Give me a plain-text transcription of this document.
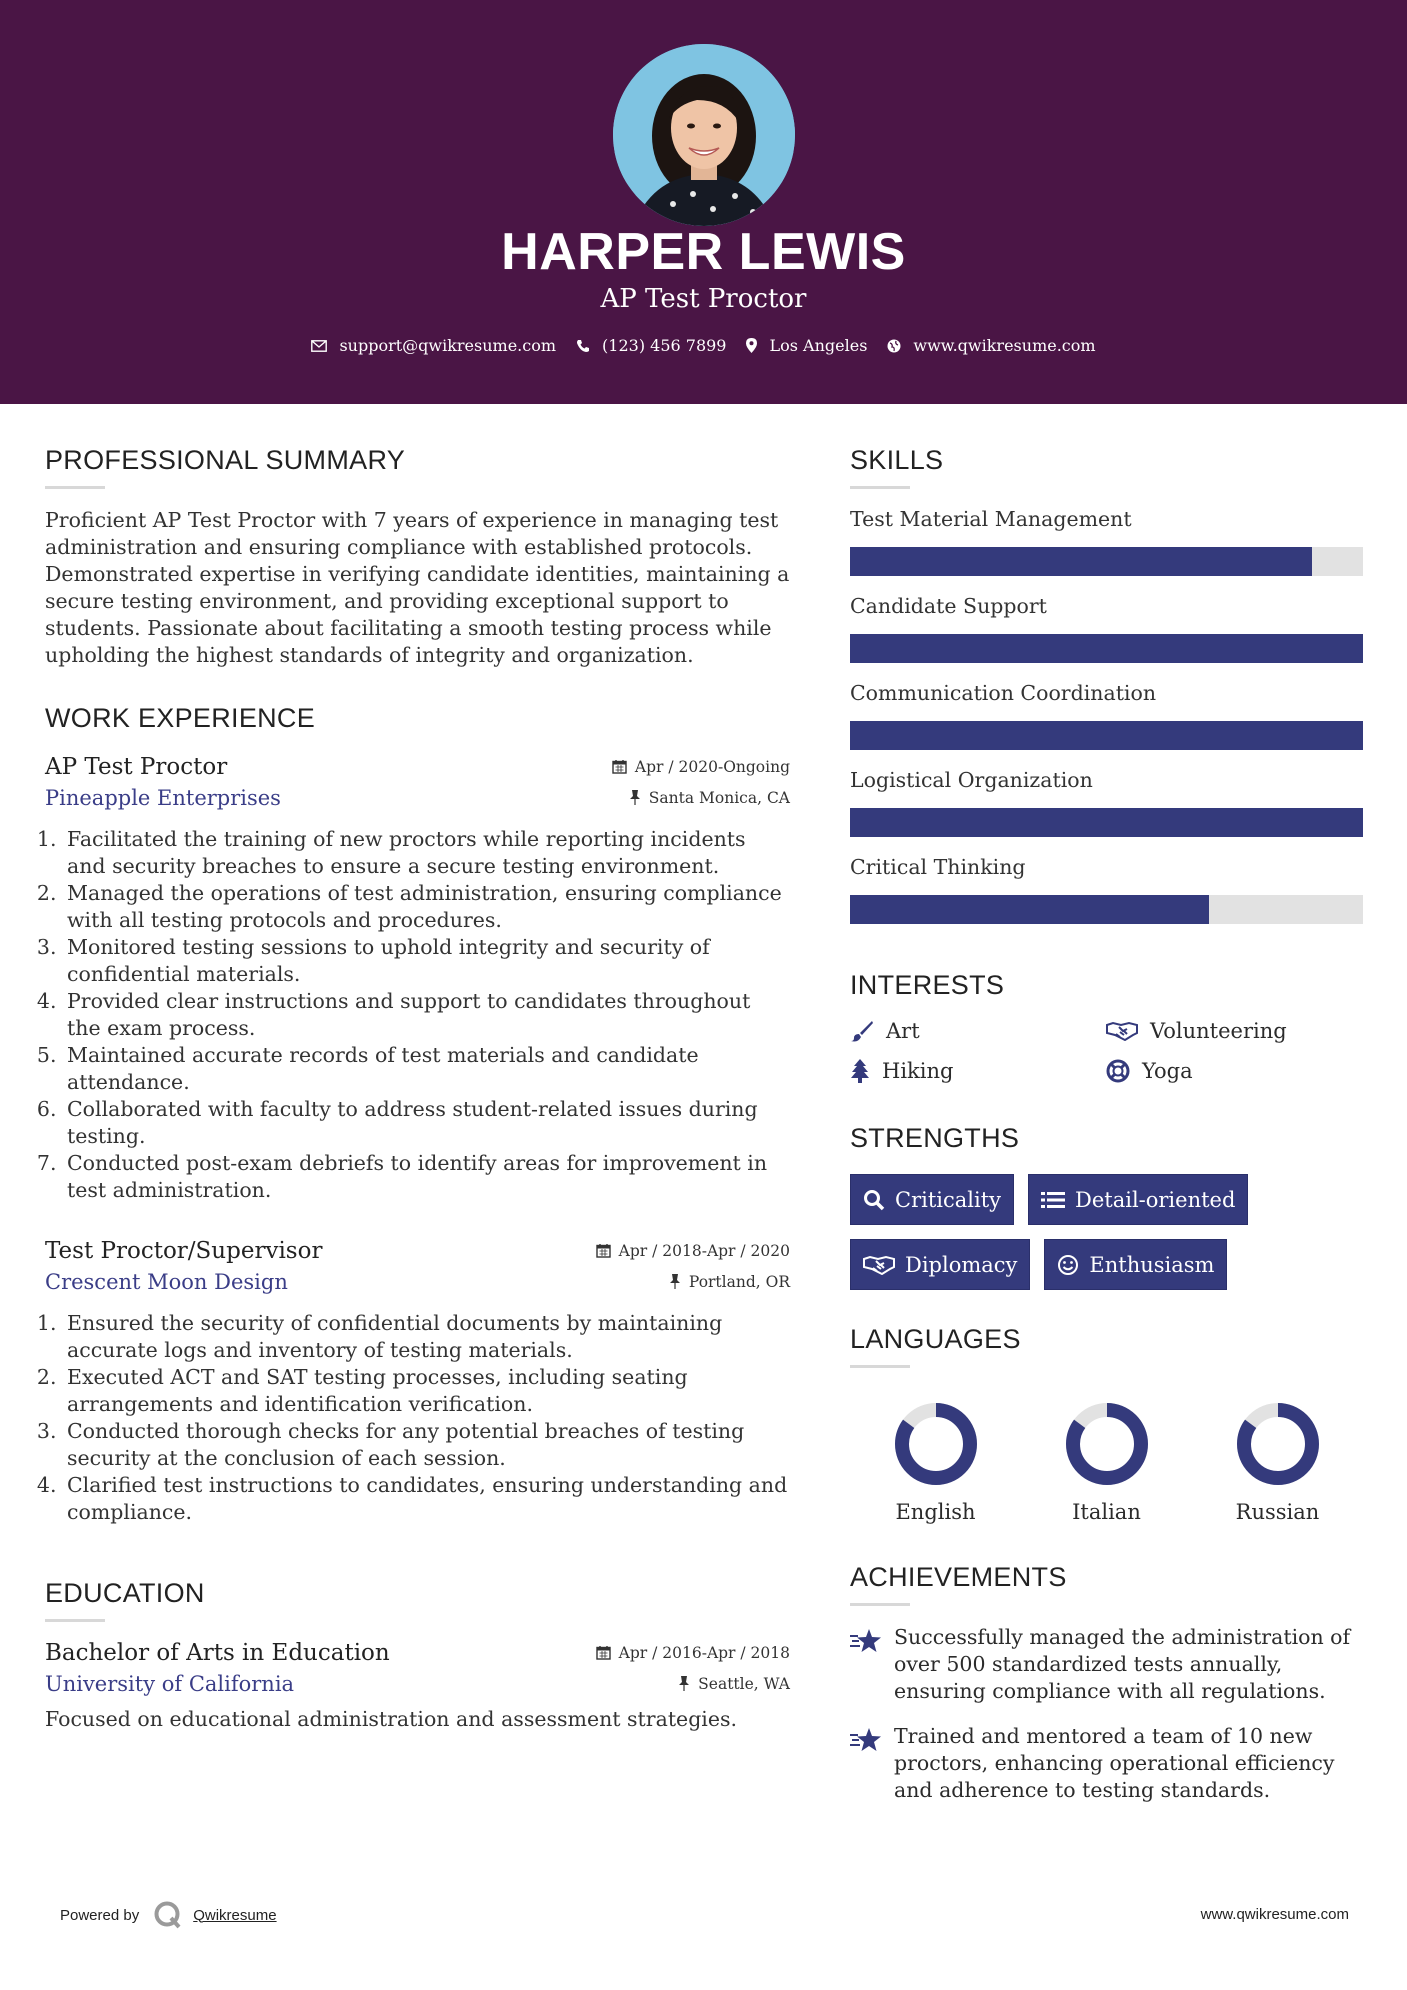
HARPER LEWIS
AP Test Proctor
support@qwikresume.com	(123) 456 7899	Los Angeles	www.qwikresume.com
PROFESSIONAL SUMMARY

Proficient AP Test Proctor with 7 years of experience in managing test administration and ensuring compliance with established protocols. Demonstrated expertise in verifying candidate identities, maintaining a secure testing environment, and providing exceptional support to students. Passionate about facilitating a smooth testing process while upholding the highest standards of integrity and organization.

WORK EXPERIENCE
AP Test Proctor	Apr / 2020-Ongoing
Pineapple Enterprises	Santa Monica, CA
1. Facilitated the training of new proctors while reporting incidents and security breaches to ensure a secure testing environment.
2. Managed the operations of test administration, ensuring compliance with all testing protocols and procedures.
3. Monitored testing sessions to uphold integrity and security of confidential materials.
4. Provided clear instructions and support to candidates throughout the exam process.
5. Maintained accurate records of test materials and candidate attendance.
6. Collaborated with faculty to address student-related issues during testing.
7. Conducted post-exam debriefs to identify areas for improvement in test administration.
Test Proctor/Supervisor	Apr / 2018-Apr / 2020
Crescent Moon Design	Portland, OR
1. Ensured the security of confidential documents by maintaining accurate logs and inventory of testing materials.
2. Executed ACT and SAT testing processes, including seating arrangements and identification verification.
3. Conducted thorough checks for any potential breaches of testing security at the conclusion of each session.
4. Clarified test instructions to candidates, ensuring understanding and compliance.
EDUCATION
Bachelor of Arts in Education	Apr / 2016-Apr / 2018
University of California	Seattle, WA

Focused on educational administration and assessment strategies.

SKILLS
Test Material Management
Candidate Support
Communication Coordination
Logistical Organization
Critical Thinking
INTERESTS
Art	Volunteering
Hiking	Yoga
STRENGTHS
Criticality	Detail-oriented
Diplomacy	Enthusiasm
LANGUAGES
English	Italian	Russian
ACHIEVEMENTS
Successfully managed the administration of over 500 standardized tests annually, ensuring compliance with all regulations.
Trained and mentored a team of 10 new proctors, enhancing operational efficiency and adherence to testing standards.
Powered by	Qwikresume	www.qwikresume.com
